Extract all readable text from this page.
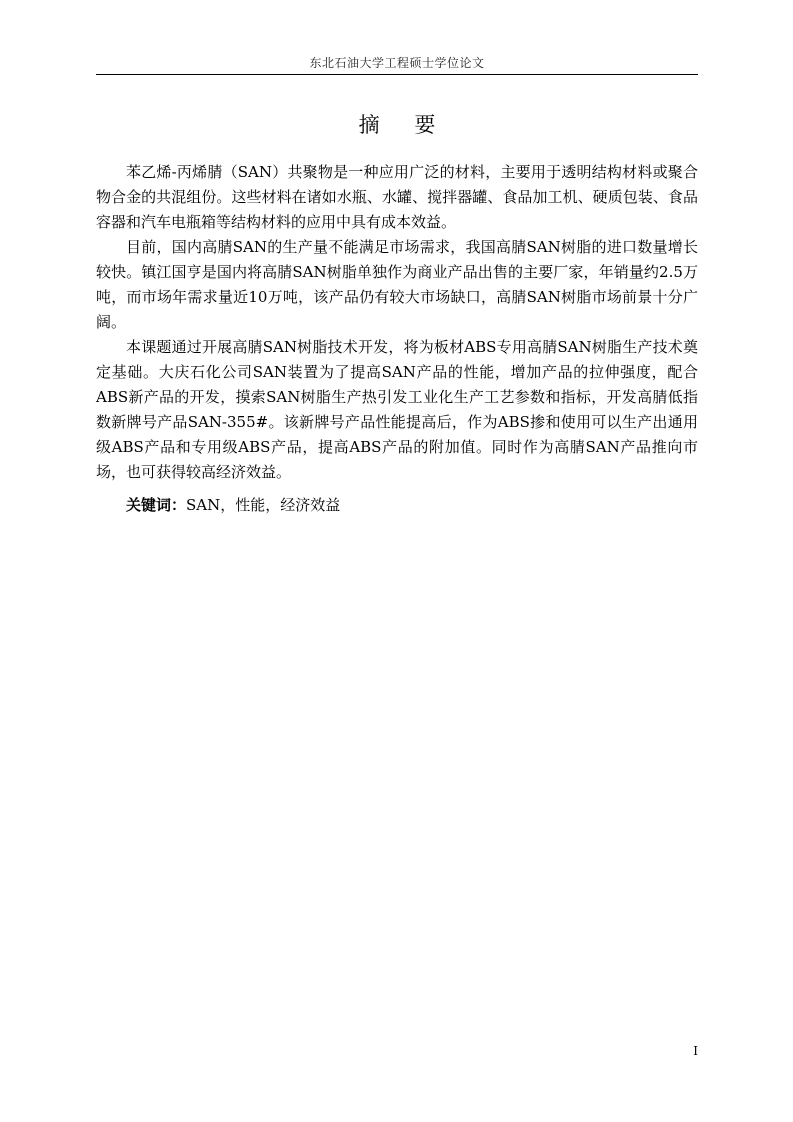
东北石油大学工程硕士学位论文
摘 要

苯乙烯-丙烯腈（SAN）共聚物是一种应用广泛的材料，主要用于透明结构材料或聚合物合金的共混组份。这些材料在诸如水瓶、水罐、搅拌器罐、食品加工机、硬质包装、食品容器和汽车电瓶箱等结构材料的应用中具有成本效益。

目前，国内高腈SAN的生产量不能满足市场需求，我国高腈SAN树脂的进口数量增长较快。镇江国亨是国内将高腈SAN树脂单独作为商业产品出售的主要厂家，年销量约2.5万吨，而市场年需求量近10万吨，该产品仍有较大市场缺口，高腈SAN树脂市场前景十分广阔。

本课题通过开展高腈SAN树脂技术开发，将为板材ABS专用高腈SAN树脂生产技术奠定基础。大庆石化公司SAN装置为了提高SAN产品的性能，增加产品的拉伸强度，配合ABS新产品的开发，摸索SAN树脂生产热引发工业化生产工艺参数和指标，开发高腈低指数新牌号产品SAN-355#。该新牌号产品性能提高后，作为ABS掺和使用可以生产出通用级ABS产品和专用级ABS产品，提高ABS产品的附加值。同时作为高腈SAN产品推向市场，也可获得较高经济效益。

关键词：SAN，性能，经济效益
I
